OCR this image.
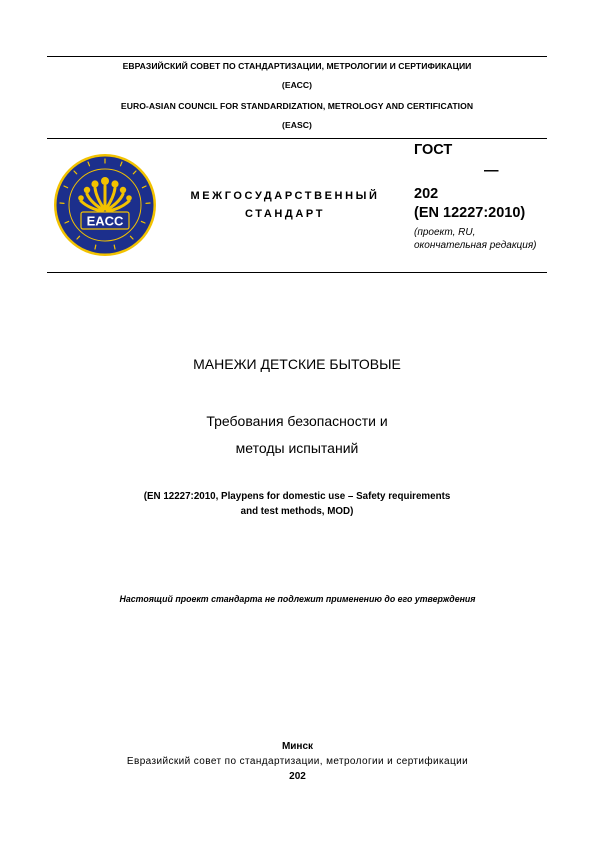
ЕВРАЗИЙСКИЙ СОВЕТ ПО СТАНДАРТИЗАЦИИ, МЕТРОЛОГИИ И СЕРТИФИКАЦИИ
(ЕАСС)
EURO-ASIAN COUNCIL FOR STANDARDIZATION, METROLOGY AND CERTIFICATION
(EASC)
EACC
МЕЖГОСУДАРСТВЕННЫЙ
СТАНДАРТ
ГОСТ
—
202
(EN 12227:2010)
(проект, RU, окончательная редакция)
МАНЕЖИ ДЕТСКИЕ БЫТОВЫЕ
Требования безопасности и
методы испытаний
(EN 12227:2010, Playpens for domestic use – Safety requirements
and test methods, MOD)
Настоящий проект стандарта не подлежит применению до его утверждения
Минск
Евразийский совет по стандартизации, метрологии и сертификации
202
